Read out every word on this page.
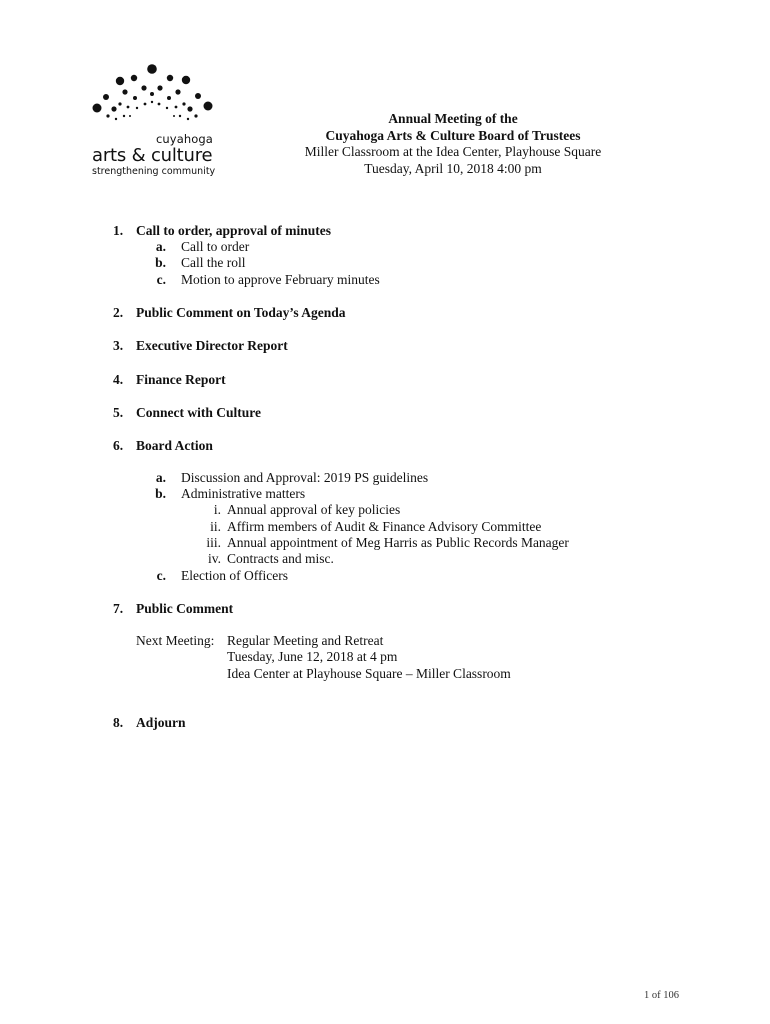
cuyahoga
arts & culture
strengthening community
Annual Meeting of the
Cuyahoga Arts & Culture Board of Trustees
Miller Classroom at the Idea Center, Playhouse Square
Tuesday, April 10, 2018 4:00 pm
1. Call to order, approval of minutes
a. Call to order
b. Call the roll
c. Motion to approve February minutes
2. Public Comment on Today’s Agenda
3. Executive Director Report
4. Finance Report
5. Connect with Culture
6. Board Action
a. Discussion and Approval: 2019 PS guidelines
b. Administrative matters
i. Annual approval of key policies
ii. Affirm members of Audit & Finance Advisory Committee
iii. Annual appointment of Meg Harris as Public Records Manager
iv. Contracts and misc.
c. Election of Officers
7. Public Comment
Next Meeting: Regular Meeting and Retreat
Tuesday, June 12, 2018 at 4 pm
Idea Center at Playhouse Square – Miller Classroom
8. Adjourn
1 of 106
